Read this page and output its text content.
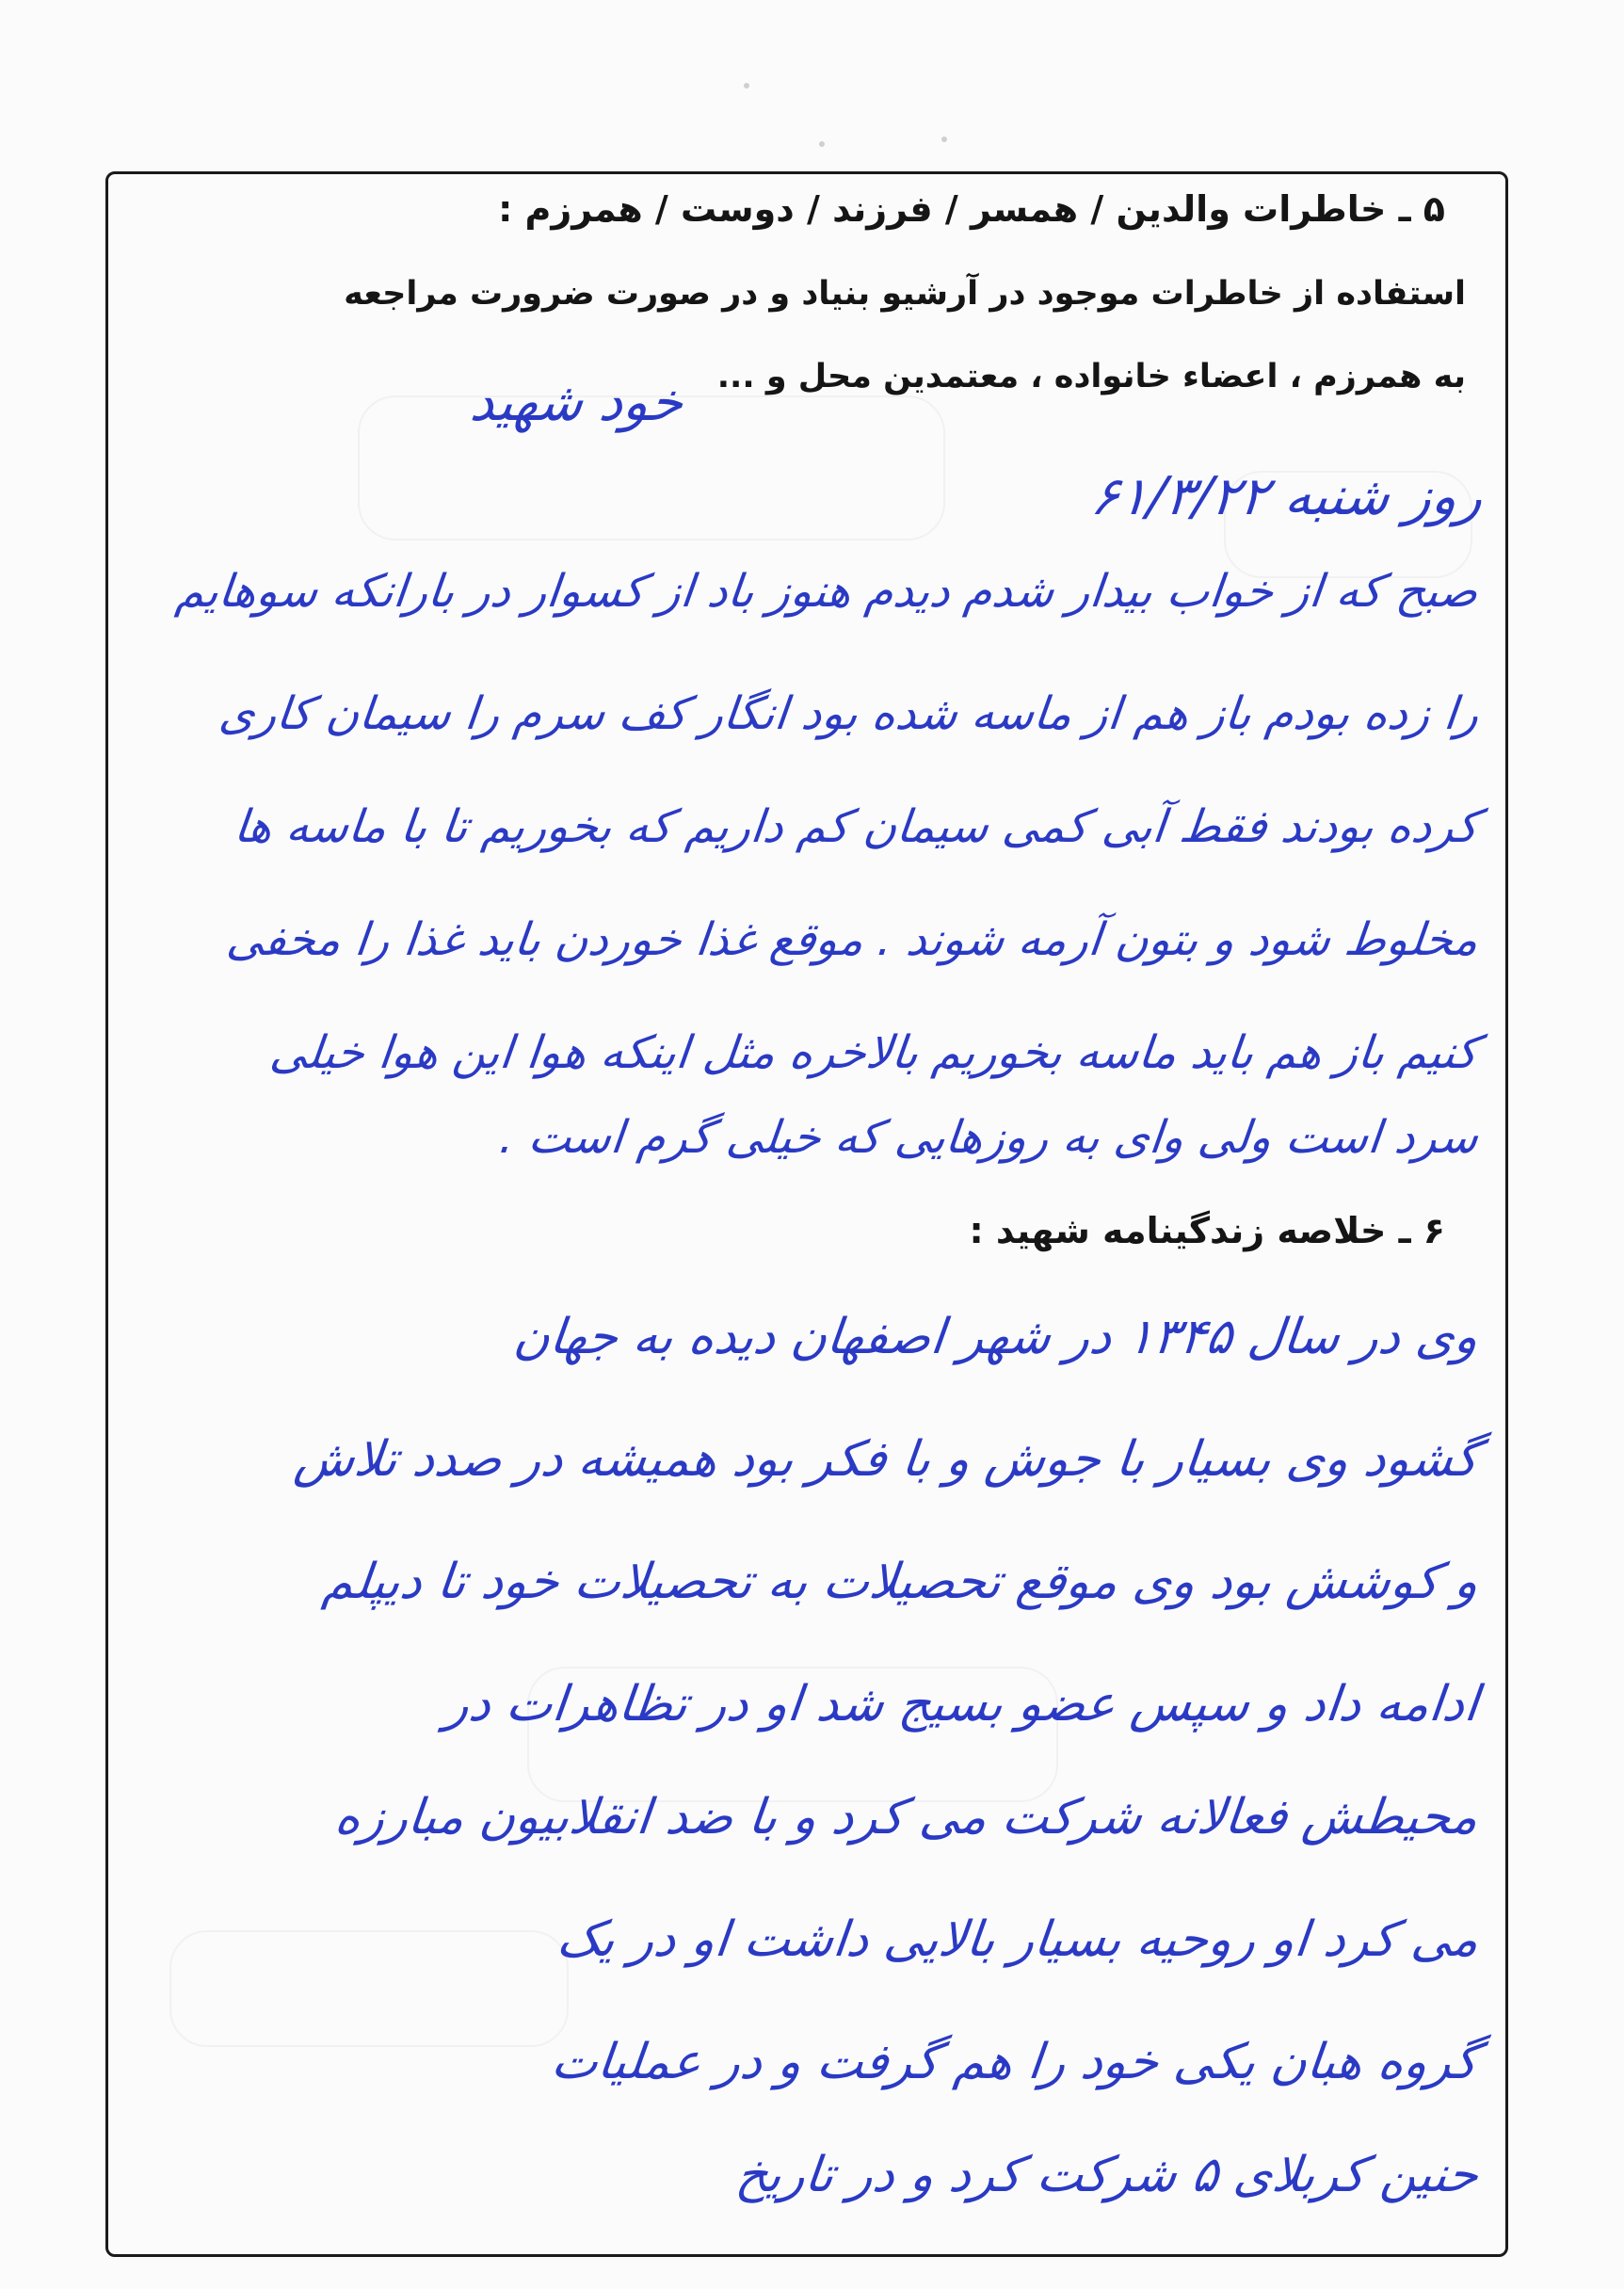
۵ ـ خاطرات والدین / همسر / فرزند / دوست / همرزم :
استفاده از خاطرات موجود در آرشیو بنیاد و در صورت ضرورت مراجعه
به همرزم ، اعضاء خانواده ، معتمدین محل و ...
خود شهید
روز شنبه ۶۱/۳/۲۲
صبح که از خواب بیدار شدم دیدم هنوز باد از کسوار در بارانکه سوهایم
را زده بودم باز هم از ماسه شده بود انگار کف سرم را سیمان کاری
کرده بودند فقط آبی کمی سیمان کم داریم که بخوریم تا با ماسه ها
مخلوط شود و بتون آرمه شوند . موقع غذا خوردن باید غذا را مخفی
کنیم باز هم باید ماسه بخوریم بالاخره مثل اینکه هوا این هوا خیلی
سرد است ولی وای به روزهایی که خیلی گرم است .
۶ ـ خلاصه زندگینامه شهید :
وی در سال ۱۳۴۵ در شهر اصفهان دیده به جهان
گشود وی بسیار با جوش و با فکر بود همیشه در صدد تلاش
و کوشش بود وی موقع تحصیلات به تحصیلات خود تا دیپلم
ادامه داد و سپس عضو بسیج شد او در تظاهرات در
محیطش فعالانه شرکت می کرد و با ضد انقلابیون مبارزه
می کرد او روحیه بسیار بالایی داشت او در یک
گروه هبان یکی خود را هم گرفت و در عملیات
حنین کربلای ۵ شرکت کرد و در تاریخ
